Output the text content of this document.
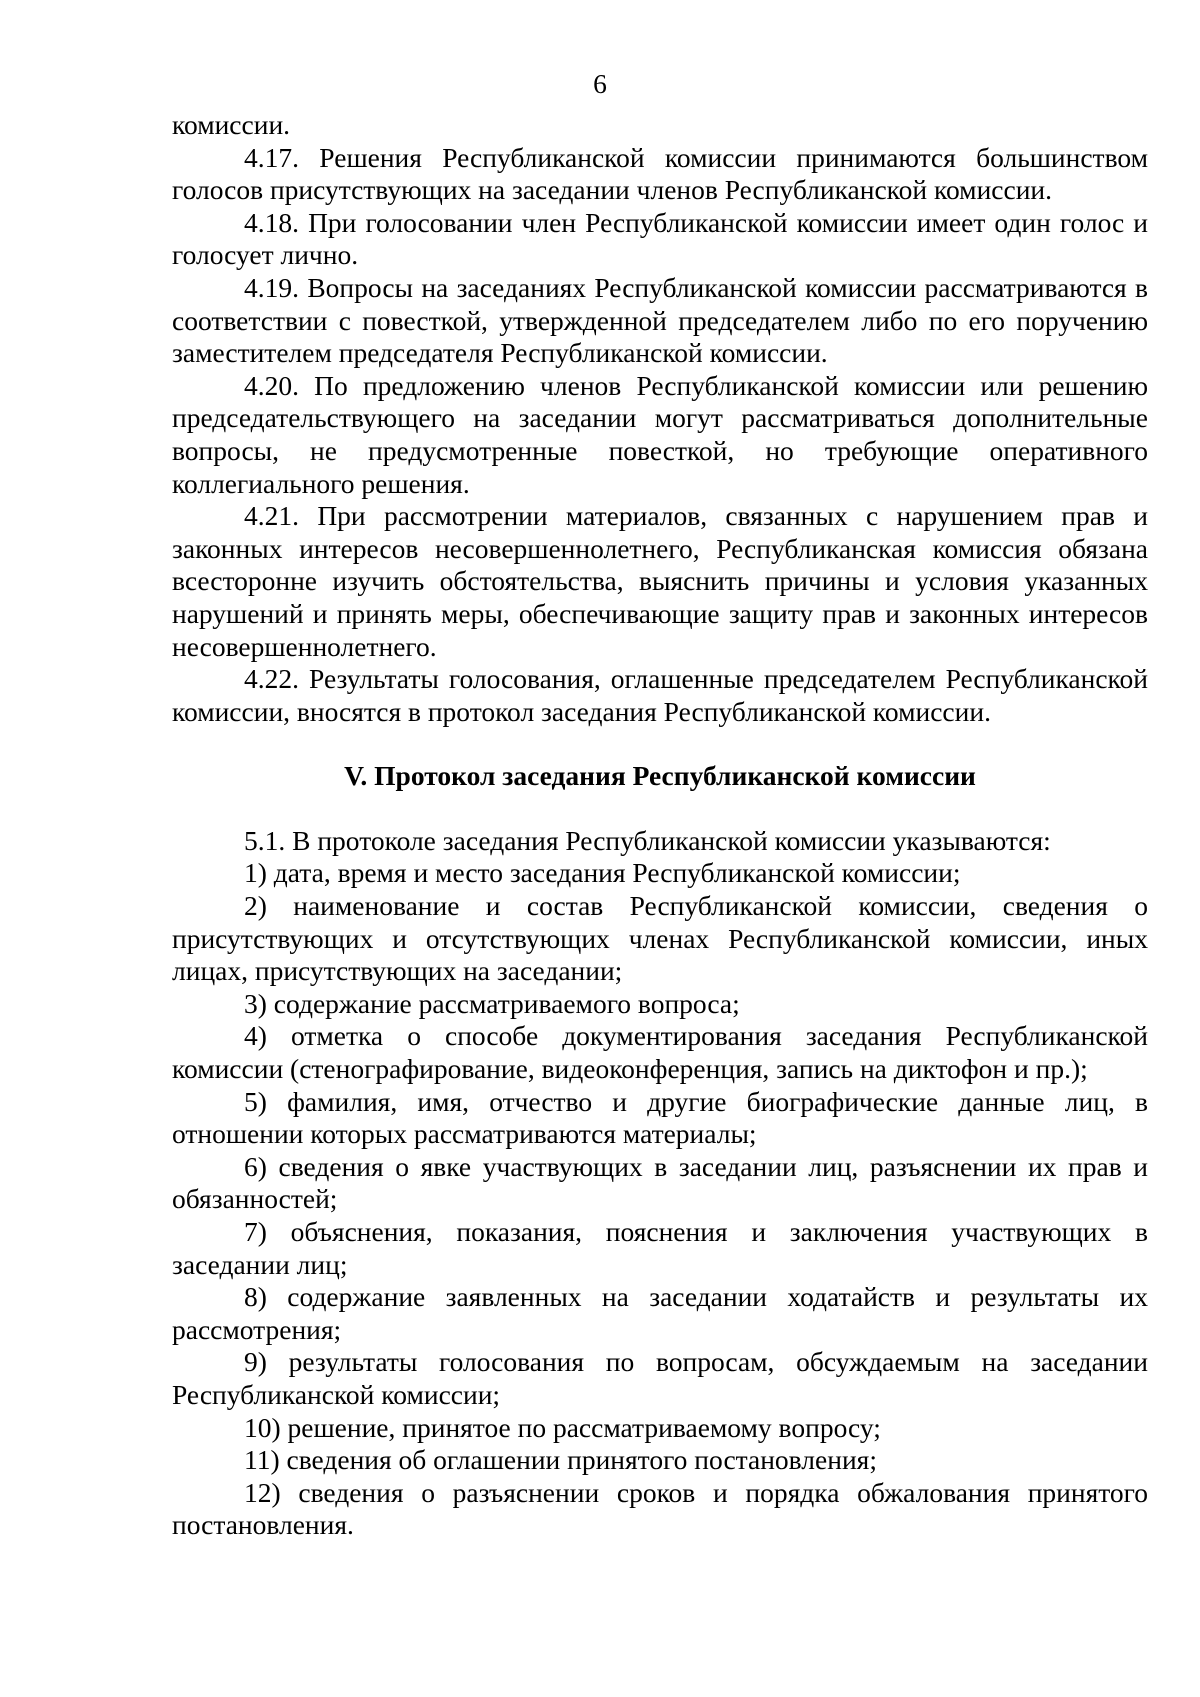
6

комиссии.

4.17. Решения Республиканской комиссии принимаются большинством голосов присутствующих на заседании членов Республиканской комиссии.

4.18. При голосовании член Республиканской комиссии имеет один голос и голосует лично.

4.19. Вопросы на заседаниях Республиканской комиссии рассматриваются в соответствии с повесткой, утвержденной председателем либо по его поручению заместителем председателя Республиканской комиссии.

4.20. По предложению членов Республиканской комиссии или решению председательствующего на заседании могут рассматриваться дополнительные вопросы, не предусмотренные повесткой, но требующие оперативного коллегиального решения.

4.21. При рассмотрении материалов, связанных с нарушением прав и законных интересов несовершеннолетнего, Республиканская комиссия обязана всесторонне изучить обстоятельства, выяснить причины и условия указанных нарушений и принять меры, обеспечивающие защиту прав и законных интересов несовершеннолетнего.

4.22. Результаты голосования, оглашенные председателем Республиканской комиссии, вносятся в протокол заседания Республиканской комиссии.

V. Протокол заседания Республиканской комиссии

5.1. В протоколе заседания Республиканской комиссии указываются:

1) дата, время и место заседания Республиканской комиссии;

2) наименование и состав Республиканской комиссии, сведения о присутствующих и отсутствующих членах Республиканской комиссии, иных лицах, присутствующих на заседании;

3) содержание рассматриваемого вопроса;

4) отметка о способе документирования заседания Республиканской комиссии (стенографирование, видеоконференция, запись на диктофон и пр.);

5) фамилия, имя, отчество и другие биографические данные лиц, в отношении которых рассматриваются материалы;

6) сведения о явке участвующих в заседании лиц, разъяснении их прав и обязанностей;

7) объяснения, показания, пояснения и заключения участвующих в заседании лиц;

8) содержание заявленных на заседании ходатайств и результаты их рассмотрения;

9) результаты голосования по вопросам, обсуждаемым на заседании Республиканской комиссии;

10) решение, принятое по рассматриваемому вопросу;

11) сведения об оглашении принятого постановления;

12) сведения о разъяснении сроков и порядка обжалования принятого постановления.
